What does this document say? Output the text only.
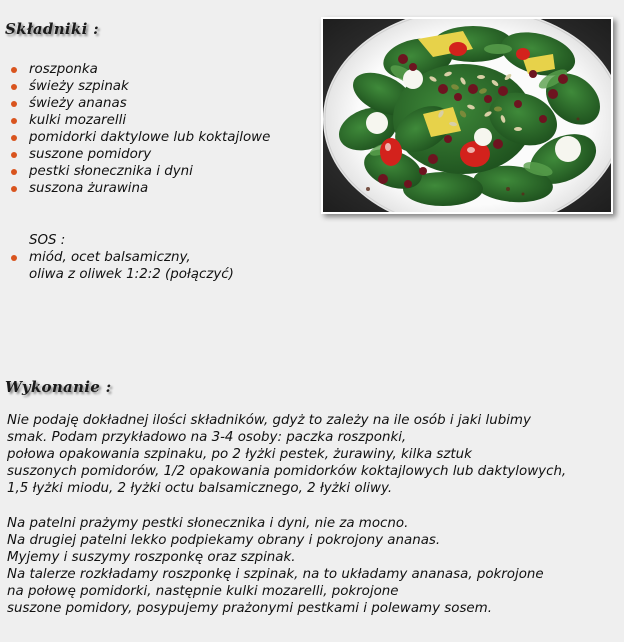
Składniki :
roszponka
świeży szpinak
świeży ananas
kulki mozarelli
pomidorki daktylowe lub koktajlowe
suszone pomidory
pestki słonecznika i dyni
suszona żurawina
SOS :
miód, ocet balsamiczny,
oliwa z oliwek 1:2:2 (połączyć)
Wykonanie :
Nie podaję dokładnej ilości składników, gdyż to zależy na ile osób i jaki lubimy
smak. Podam przykładowo na 3-4 osoby: paczka roszponki,
połowa opakowania szpinaku, po 2 łyżki pestek, żurawiny, kilka sztuk
suszonych pomidorów, 1/2 opakowania pomidorków koktajlowych lub daktylowych,
1,5 łyżki miodu, 2 łyżki octu balsamicznego, 2 łyżki oliwy.
Na patelni prażymy pestki słonecznika i dyni, nie za mocno.
Na drugiej patelni lekko podpiekamy obrany i pokrojony ananas.
Myjemy i suszymy roszponkę oraz szpinak.
Na talerze rozkładamy roszponkę i szpinak, na to układamy ananasa, pokrojone
na połowę pomidorki, następnie kulki mozarelli, pokrojone
suszone pomidory, posypujemy prażonymi pestkami i polewamy sosem.
